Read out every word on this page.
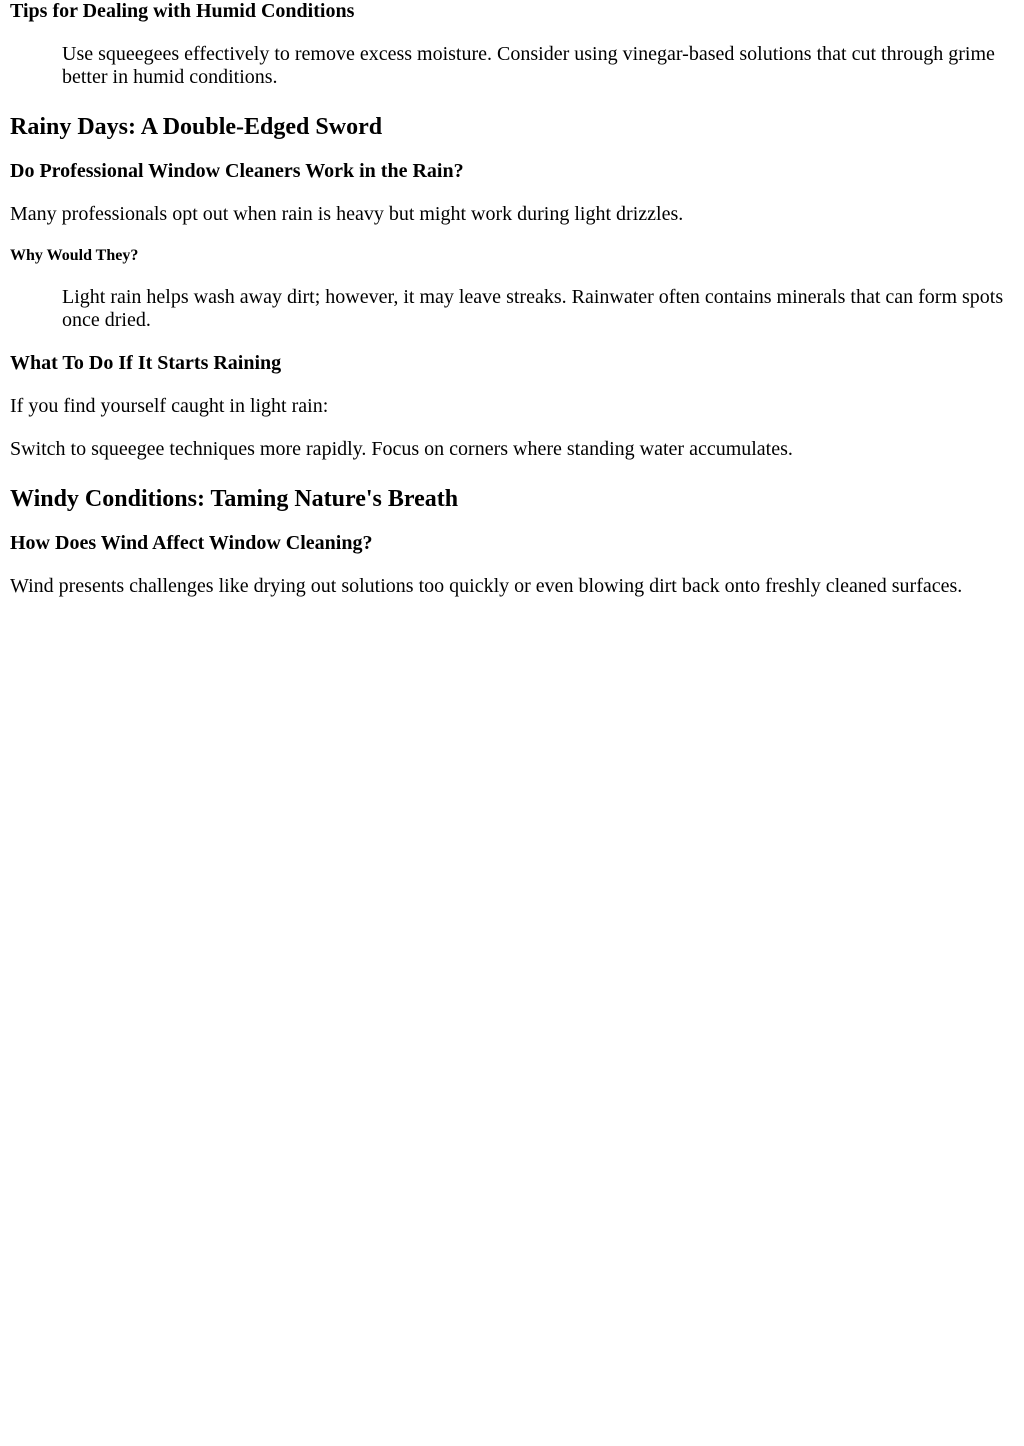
Tips for Dealing with Humid Conditions
Use squeegees effectively to remove excess moisture. Consider using vinegar-based solutions that cut through grime better in humid conditions.
Rainy Days: A Double-Edged Sword
Do Professional Window Cleaners Work in the Rain?

Many professionals opt out when rain is heavy but might work during light drizzles.

Why Would They?
Light rain helps wash away dirt; however, it may leave streaks. Rainwater often contains minerals that can form spots once dried.
What To Do If It Starts Raining

If you find yourself caught in light rain:

Switch to squeegee techniques more rapidly. Focus on corners where standing water accumulates.

Windy Conditions: Taming Nature's Breath
How Does Wind Affect Window Cleaning?

Wind presents challenges like drying out solutions too quickly or even blowing dirt back onto freshly cleaned surfaces.
